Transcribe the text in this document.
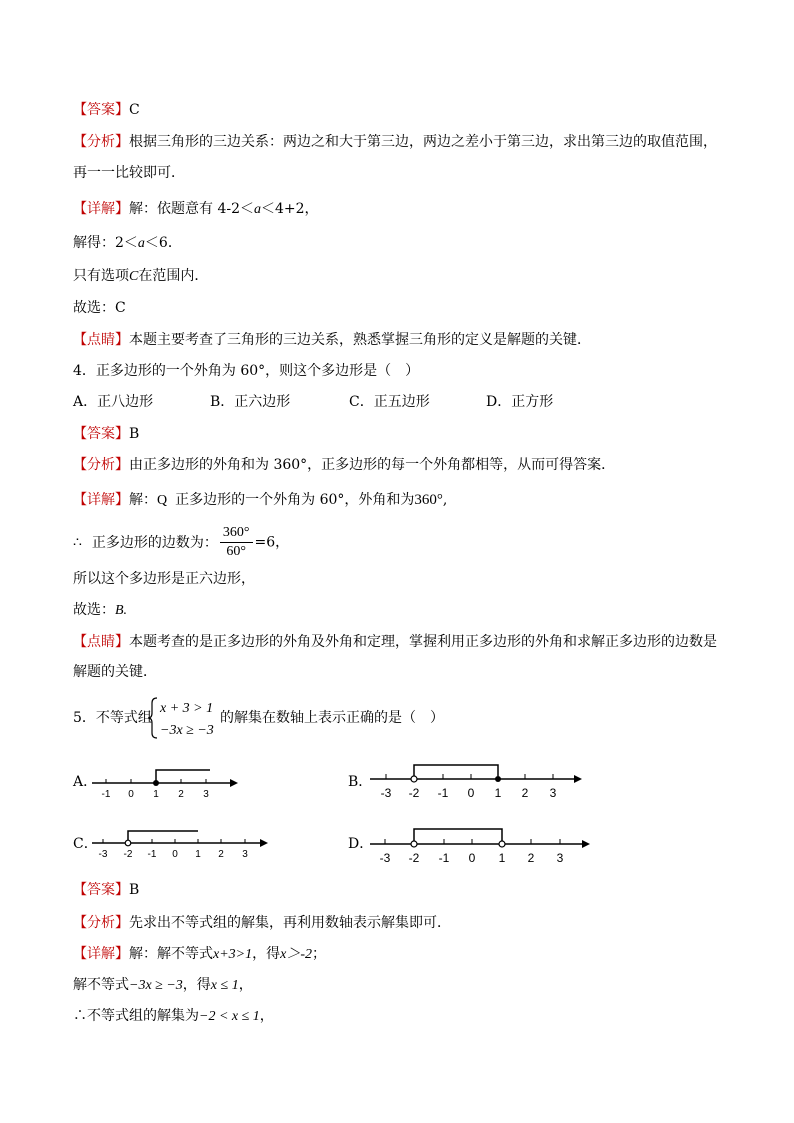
【答案】C
【分析】根据三角形的三边关系：两边之和大于第三边，两边之差小于第三边，求出第三边的取值范围，
再一一比较即可．
【详解】解：依题意有 4-2＜a＜4+2，
解得：2＜a＜6．
只有选项C在范围内．
故选：C
【点睛】本题主要考查了三角形的三边关系，熟悉掌握三角形的定义是解题的关键．
4．正多边形的一个外角为 60°，则这个多边形是（　）
A．正八边形	B．正六边形	C．正五边形	D．正方形
【答案】B
【分析】由正多边形的外角和为 360°，正多边形的每一个外角都相等，从而可得答案．
【详解】解：Q 正多边形的一个外角为 60°，外角和为360°,
∴ 正多边形的边数为： $\frac{360^\circ}{60^\circ} =6$，
所以这个多边形是正六边形，
故选：B.
【点睛】本题考查的是正多边形的外角及外角和定理，掌握利用正多边形的外角和求解正多边形的边数是
解题的关键．
5．不等式组
x + 3 > 1
−3x ≥ −3
的解集在数轴上表示正确的是（　）
A．
-1 0 1 2 3
B．
-3 -2 -1 0 1 2 3
C．
-3 -2 -1 0 1 2 3
D．
-3 -2 -1 0 1 2 3
【答案】B
【分析】先求出不等式组的解集，再利用数轴表示解集即可．
【详解】解：解不等式x+3>1，得x＞-2；
解不等式−3x ≥ −3，得x ≤ 1，
∴不等式组的解集为−2 < x ≤ 1，
